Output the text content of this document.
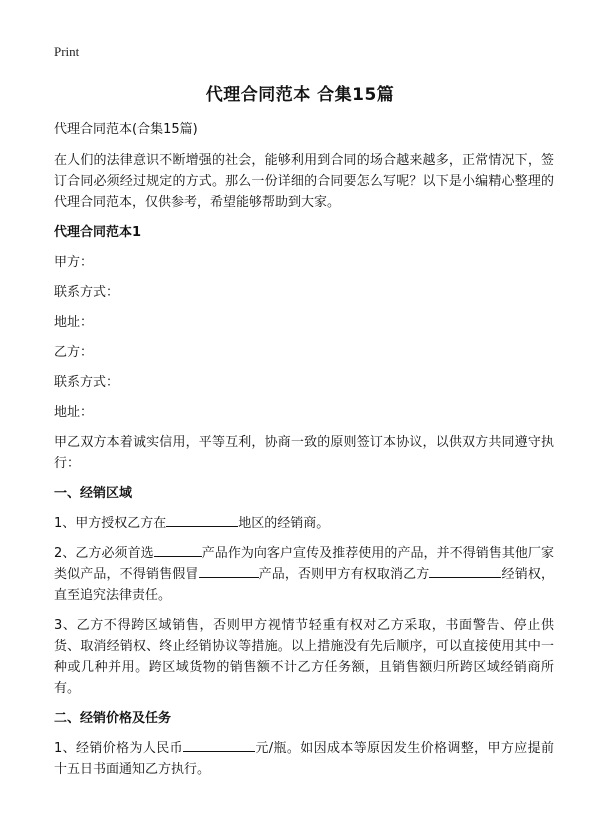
Print
代理合同范本 合集15篇
代理合同范本(合集15篇)
在人们的法律意识不断增强的社会，能够利用到合同的场合越来越多，正常情况下，签订合同必须经过规定的方式。那么一份详细的合同要怎么写呢？以下是小编精心整理的代理合同范本，仅供参考，希望能够帮助到大家。
代理合同范本1
甲方：
联系方式：
地址：
乙方：
联系方式：
地址：
甲乙双方本着诚实信用，平等互利，协商一致的原则签订本协议，以供双方共同遵守执行：
一、经销区域
1、甲方授权乙方在	地区的经销商。
2、乙方必须首选	产品作为向客户宣传及推荐使用的产品，并不得销售其他厂家类似产品，不得销售假冒	产品，否则甲方有权取消乙方	经销权，直至追究法律责任。
3、乙方不得跨区域销售，否则甲方视情节轻重有权对乙方采取，书面警告、停止供货、取消经销权、终止经销协议等措施。以上措施没有先后顺序，可以直接使用其中一种或几种并用。跨区域货物的销售额不计乙方任务额，且销售额归所跨区域经销商所有。
二、经销价格及任务
1、经销价格为人民币	元/瓶。如因成本等原因发生价格调整，甲方应提前十五日书面通知乙方执行。
